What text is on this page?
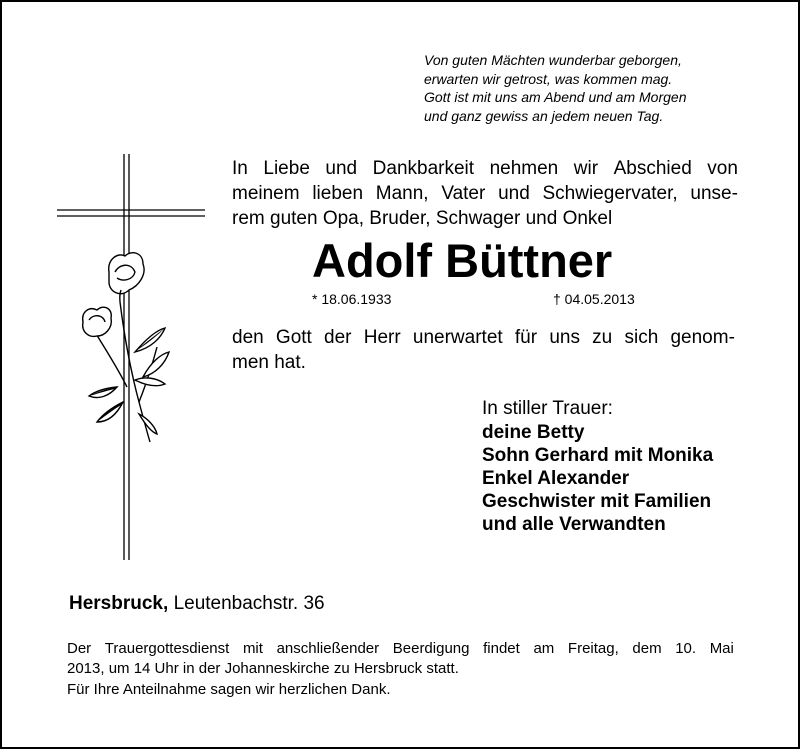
Von guten Mächten wunderbar geborgen,
erwarten wir getrost, was kommen mag.
Gott ist mit uns am Abend und am Morgen
und ganz gewiss an jedem neuen Tag.
In Liebe und Dankbarkeit nehmen wir Abschied von
meinem lieben Mann, Vater und Schwiegervater, unse-
rem guten Opa, Bruder, Schwager und Onkel
Adolf Büttner
* 18.06.1933	† 04.05.2013
den Gott der Herr unerwartet für uns zu sich genom-
men hat.
In stiller Trauer:
deine Betty
Sohn Gerhard mit Monika
Enkel Alexander
Geschwister mit Familien
und alle Verwandten
Hersbruck, Leutenbachstr. 36
Der Trauergottesdienst mit anschließender Beerdigung findet am Freitag, dem 10. Mai
2013, um 14 Uhr in der Johanneskirche zu Hersbruck statt.
Für Ihre Anteilnahme sagen wir herzlichen Dank.
